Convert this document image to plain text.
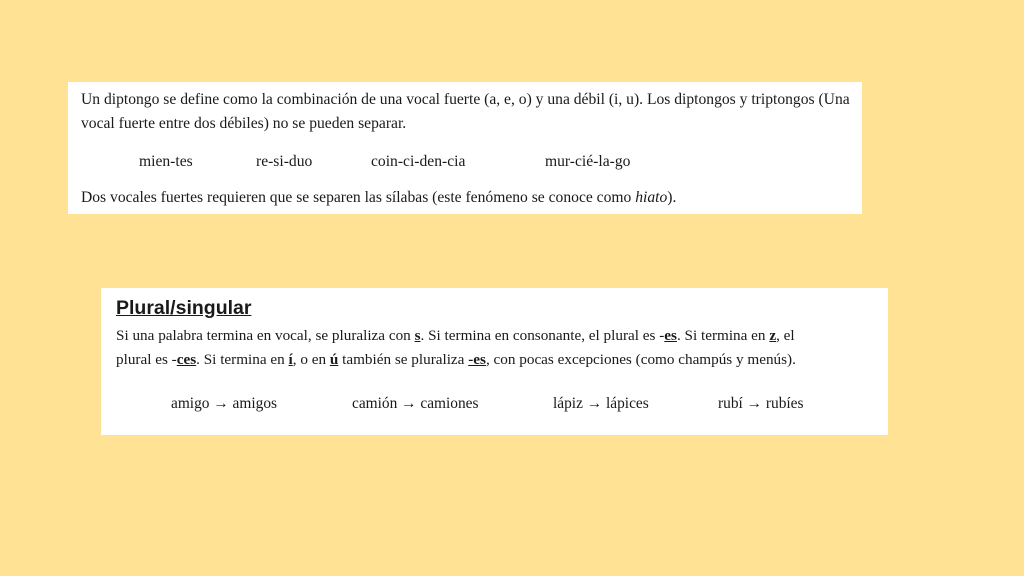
Un diptongo se define como la combinación de una vocal fuerte (a, e, o) y una débil (i, u). Los diptongos y triptongos (Una vocal fuerte entre dos débiles) no se pueden separar.

mien-tes	re-si-duo	coin-ci-den-cia	mur-cié-la-go

Dos vocales fuertes requieren que se separen las sílabas (este fenómeno se conoce como hiato).

Plural/singular

Si una palabra termina en vocal, se pluraliza con s. Si termina en consonante, el plural es -es. Si termina en z, el

plural es -ces. Si termina en í, o en ú también se pluraliza -es, con pocas excepciones (como champús y menús).

amigo → amigos	camión → camiones	lápiz → lápices	rubí → rubíes
